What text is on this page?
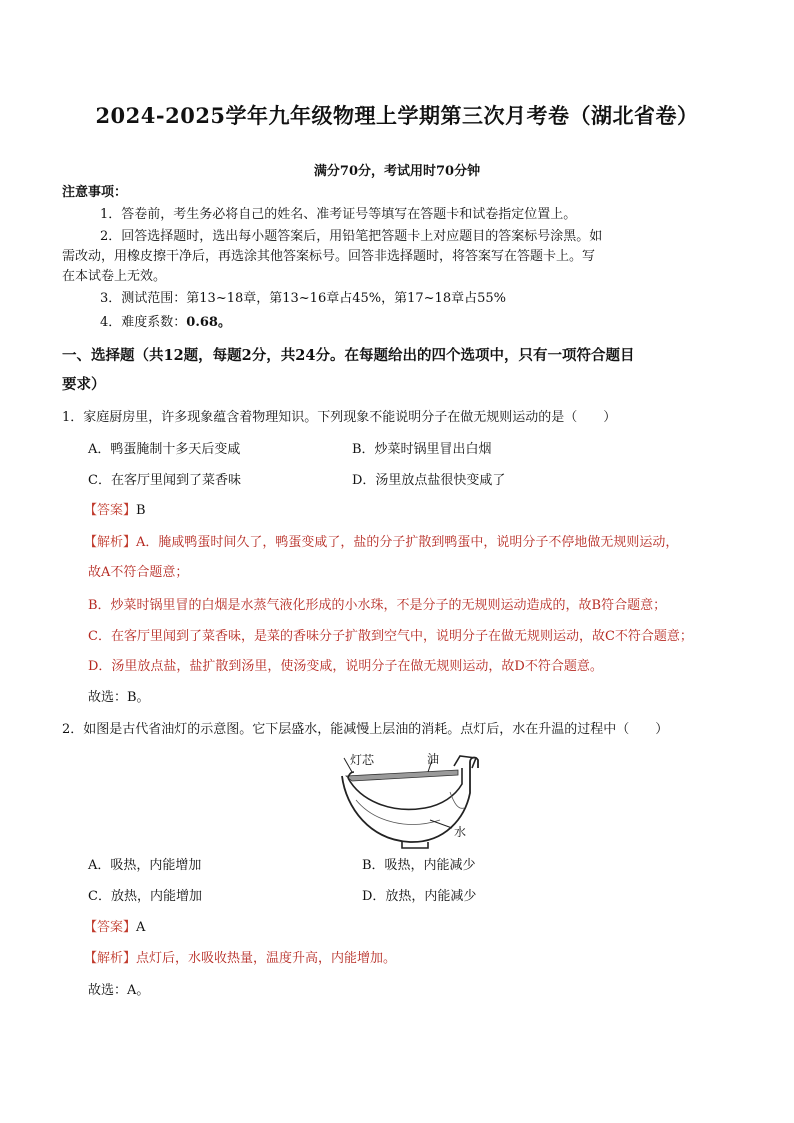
2024-2025学年九年级物理上学期第三次月考卷（湖北省卷）
满分70分，考试用时70分钟
注意事项：
1．答卷前，考生务必将自己的姓名、准考证号等填写在答题卡和试卷指定位置上。
2．回答选择题时，选出每小题答案后，用铅笔把答题卡上对应题目的答案标号涂黑。如
需改动，用橡皮擦干净后，再选涂其他答案标号。回答非选择题时，将答案写在答题卡上。写
在本试卷上无效。
3．测试范围：第13~18章，第13~16章占45%，第17~18章占55%
4．难度系数：0.68。
一、选择题（共12题，每题2分，共24分。在每题给出的四个选项中，只有一项符合题目
要求）
1．家庭厨房里，许多现象蕴含着物理知识。下列现象不能说明分子在做无规则运动的是（　　）
A．鸭蛋腌制十多天后变咸	B．炒菜时锅里冒出白烟
C．在客厅里闻到了菜香味	D．汤里放点盐很快变咸了
【答案】B
【解析】A．腌咸鸭蛋时间久了，鸭蛋变咸了，盐的分子扩散到鸭蛋中，说明分子不停地做无规则运动，
故A不符合题意；
B．炒菜时锅里冒的白烟是水蒸气液化形成的小水珠，不是分子的无规则运动造成的，故B符合题意；
C．在客厅里闻到了菜香味，是菜的香味分子扩散到空气中，说明分子在做无规则运动，故C不符合题意；
D．汤里放点盐，盐扩散到汤里，使汤变咸，说明分子在做无规则运动，故D不符合题意。
故选：B。
2．如图是古代省油灯的示意图。它下层盛水，能减慢上层油的消耗。点灯后，水在升温的过程中（　　）
灯芯	油
水
A．吸热，内能增加	B．吸热，内能减少
C．放热，内能增加	D．放热，内能减少
【答案】A
【解析】点灯后，水吸收热量，温度升高，内能增加。
故选：A。
